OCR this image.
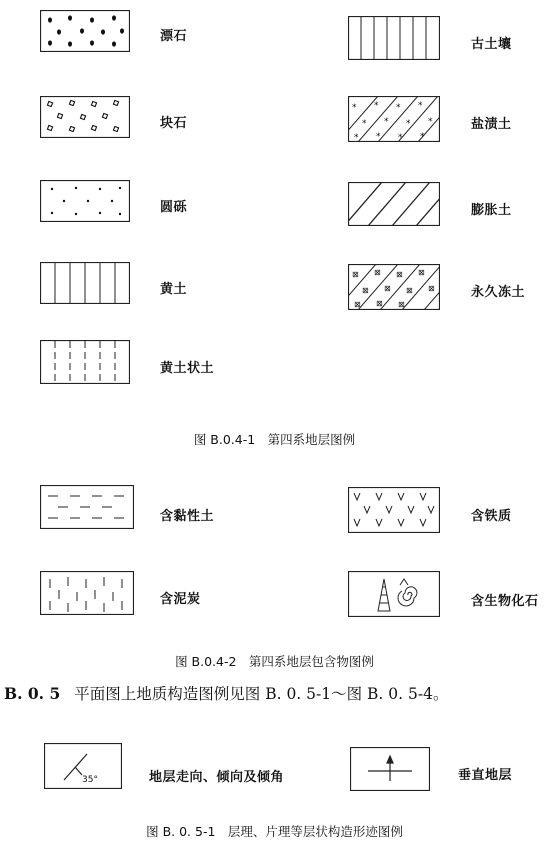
漂石
块石
圆砾
黄土
黄土状土
古土壤
* * * *
* * * *
* * * *
盐渍土
膨胀土
⊠ ⊠ ⊠ ⊠
⊠ ⊠ ⊠ ⊠
⊠ ⊠ ⊠
永久冻土
图 B.0.4-1　第四系地层图例
含黏性土
含泥炭
含铁质
含生物化石
图 B.0.4-2　第四系地层包含物图例
B. 0. 5 平面图上地质构造图例见图 B. 0. 5-1～图 B. 0. 5-4。
35°	地层走向、倾向及倾角	垂直地层
图 B. 0. 5-1　层理、片理等层状构造形迹图例
